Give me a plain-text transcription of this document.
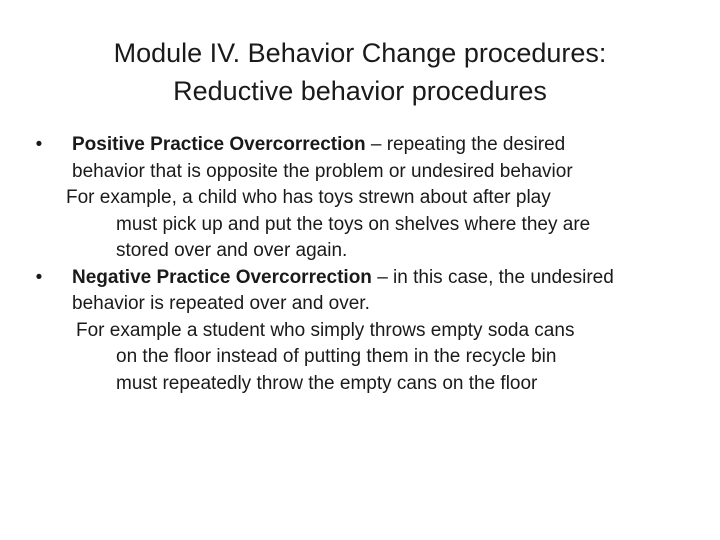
Module IV. Behavior Change procedures:
Reductive behavior procedures
• Positive Practice Overcorrection – repeating the desired
behavior that is opposite the problem or undesired behavior
For example, a child who has toys strewn about after play
must pick up and put the toys on shelves where they are
stored over and over again.
• Negative Practice Overcorrection – in this case, the undesired
behavior is repeated over and over.
For example a student who simply throws empty soda cans
on the floor instead of putting them in the recycle bin
must repeatedly throw the empty cans on the floor
